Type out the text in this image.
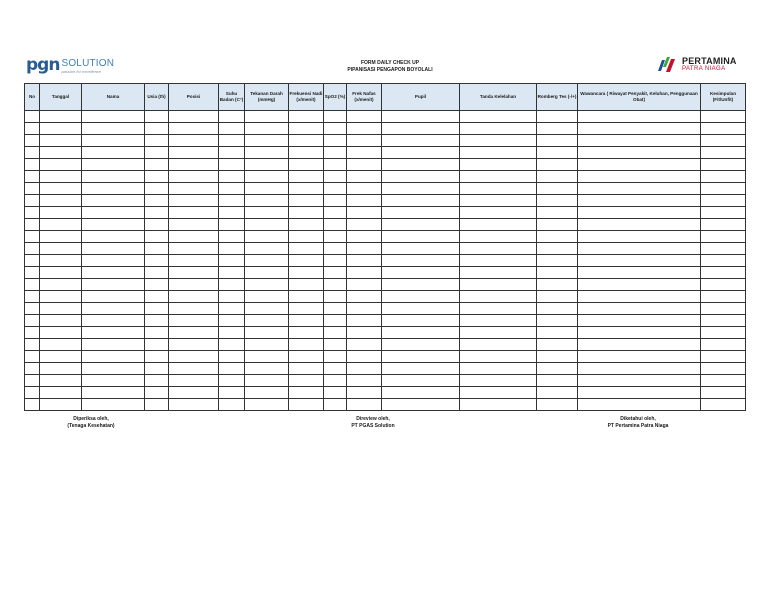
pgn SOLUTION
passion for excellence
FORM DAILY CHECK UP
PIPANISASI PENGAPON BOYOLALI
PERTAMINA
PATRA NIAGA
No	Tanggal	Nama	Usia (th)	Posisi	Suhu Badan (C°)	Tekanan Darah (mmHg)	Frekuensi Nadi (x/menit)	SpO2 (%)	Frek Nafas (x/menit)	Pupil	Tanda Kelelahan	Romberg Tes (-/+)	Wawancara ( Riwayat Penyakit, Keluhan, Penggunaan Obat)	Kesimpulan (Fit/Unfit)

Diperiksa oleh,
(Tenaga Kesehatan)
Direview oleh,
PT PGAS Solution
Diketahui oleh,
PT Pertamina Patra Niaga
